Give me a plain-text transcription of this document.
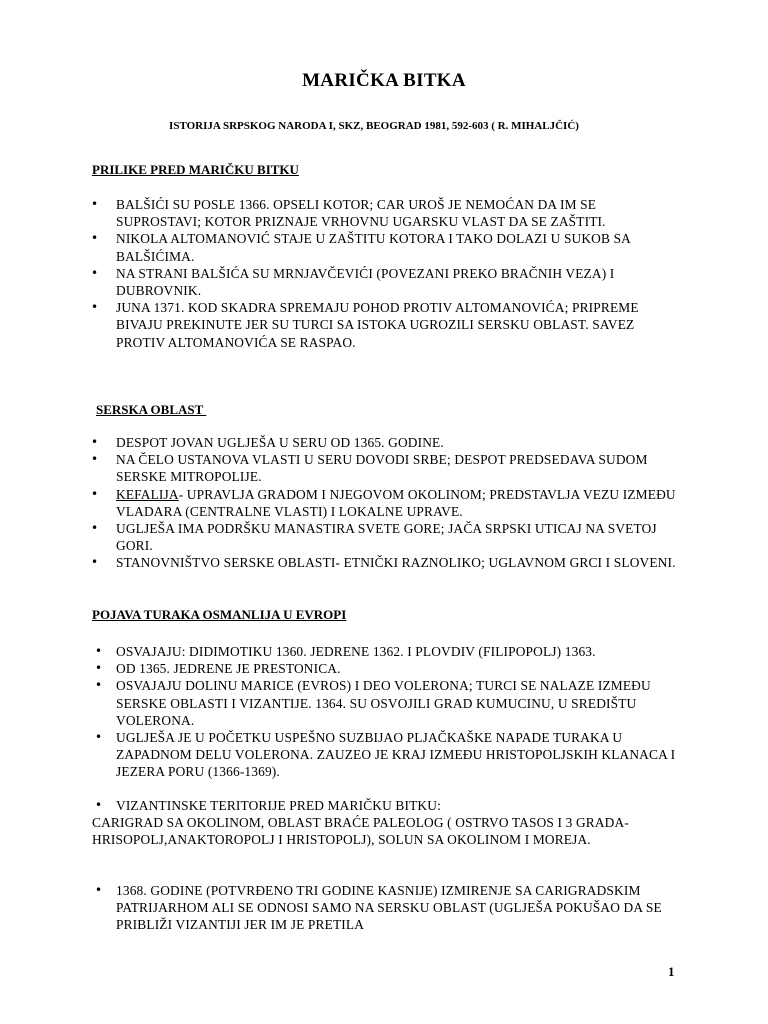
MARIČKA BITKA
ISTORIJA SRPSKOG NARODA I, SKZ, BEOGRAD 1981, 592-603 ( R. MIHALJČIĆ)
PRILIKE PRED MARIČKU BITKU
• BALŠIĆI SU POSLE 1366. OPSELI KOTOR; CAR UROŠ JE NEMOĆAN DA IM SE SUPROSTAVI; KOTOR PRIZNAJE VRHOVNU UGARSKU VLAST DA SE ZAŠTITI.
• NIKOLA ALTOMANOVIĆ STAJE U ZAŠTITU KOTORA I TAKO DOLAZI U SUKOB SA BALŠIĆIMA.
• NA STRANI BALŠIĆA SU MRNJAVČEVIĆI (POVEZANI PREKO BRAČNIH VEZA) I DUBROVNIK.
• JUNA 1371. KOD SKADRA SPREMAJU POHOD PROTIV ALTOMANOVIĆA; PRIPREME BIVAJU PREKINUTE JER SU TURCI SA ISTOKA UGROZILI SERSKU OBLAST. SAVEZ PROTIV ALTOMANOVIĆA SE RASPAO.
SERSKA OBLAST
• DESPOT JOVAN UGLJEŠA U SERU OD 1365. GODINE.
• NA ČELO USTANOVA VLASTI U SERU DOVODI SRBE; DESPOT PREDSEDAVA SUDOM SERSKE MITROPOLIJE.
• KEFALIJA- UPRAVLJA GRADOM I NJEGOVOM OKOLINOM; PREDSTAVLJA VEZU IZMEĐU VLADARA (CENTRALNE VLASTI) I LOKALNE UPRAVE.
• UGLJEŠA IMA PODRŠKU MANASTIRA SVETE GORE; JAČA SRPSKI UTICAJ NA SVETOJ GORI.
• STANOVNIŠTVO SERSKE OBLASTI- ETNIČKI RAZNOLIKO; UGLAVNOM GRCI I SLOVENI.
POJAVA TURAKA OSMANLIJA U EVROPI
• OSVAJAJU: DIDIMOTIKU 1360. JEDRENE 1362. I PLOVDIV (FILIPOPOLJ) 1363.
• OD 1365. JEDRENE JE PRESTONICA.
• OSVAJAJU DOLINU MARICE (EVROS) I DEO VOLERONA; TURCI SE NALAZE IZMEĐU SERSKE OBLASTI I VIZANTIJE. 1364. SU OSVOJILI GRAD KUMUCINU, U SREDIŠTU VOLERONA.
• UGLJEŠA JE U POČETKU USPEŠNO SUZBIJAO PLJAČKAŠKE NAPADE TURAKA U ZAPADNOM DELU VOLERONA. ZAUZEO JE KRAJ IZMEĐU HRISTOPOLJSKIH KLANACA I JEZERA PORU (1366-1369).
• VIZANTINSKE TERITORIJE PRED MARIČKU BITKU:
CARIGRAD SA OKOLINOM, OBLAST BRAĆE PALEOLOG ( OSTRVO TASOS I 3 GRADA- HRISOPOLJ,ANAKTOROPOLJ I HRISTOPOLJ), SOLUN SA OKOLINOM I MOREJA.
• 1368. GODINE (POTVRĐENO TRI GODINE KASNIJE) IZMIRENJE SA CARIGRADSKIM PATRIJARHOM ALI SE ODNOSI SAMO NA SERSKU OBLAST (UGLJEŠA POKUŠAO DA SE PRIBLIŽI VIZANTIJI JER IM JE PRETILA
1
